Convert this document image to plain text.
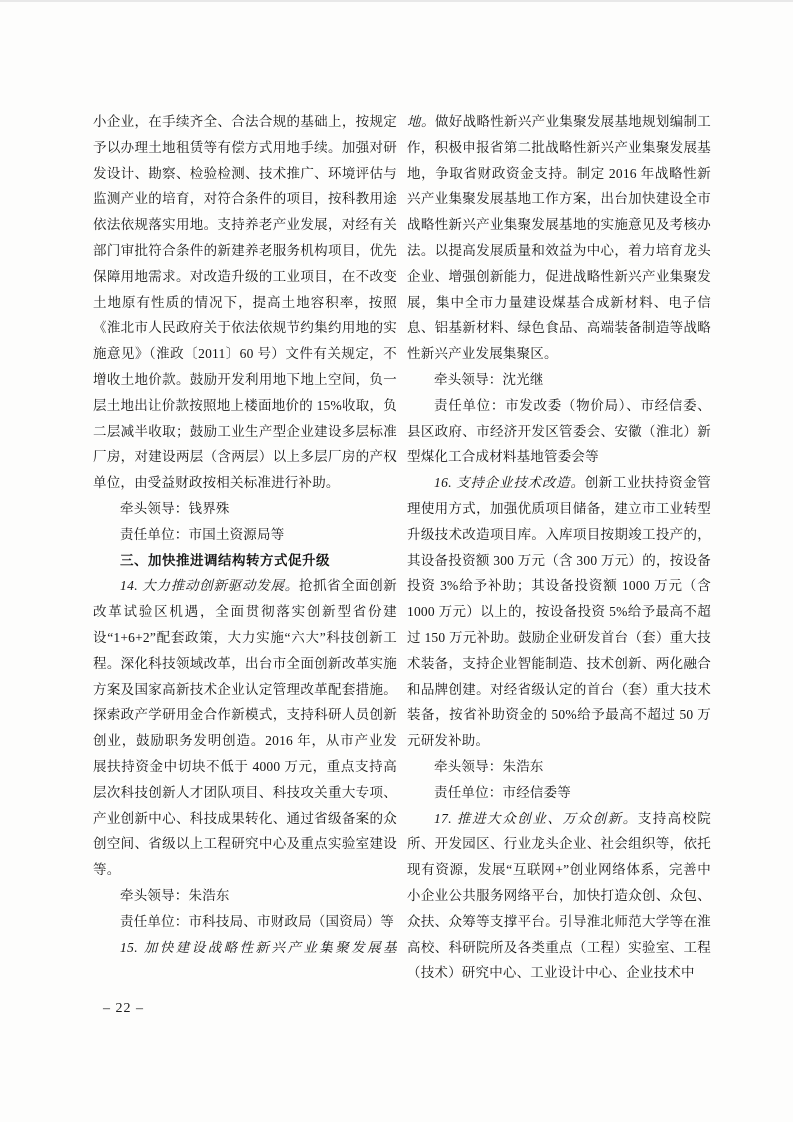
小企业，在手续齐全、合法合规的基础上，按规定予以办理土地租赁等有偿方式用地手续。加强对研发设计、勘察、检验检测、技术推广、环境评估与监测产业的培育，对符合条件的项目，按科教用途依法依规落实用地。支持养老产业发展，对经有关部门审批符合条件的新建养老服务机构项目，优先保障用地需求。对改造升级的工业项目，在不改变土地原有性质的情况下，提高土地容积率，按照《淮北市人民政府关于依法依规节约集约用地的实施意见》（淮政〔2011〕60 号）文件有关规定，不增收土地价款。鼓励开发利用地下地上空间，负一层土地出让价款按照地上楼面地价的 15%收取，负二层减半收取；鼓励工业生产型企业建设多层标准厂房，对建设两层（含两层）以上多层厂房的产权单位，由受益财政按相关标准进行补助。

牵头领导：钱界殊

责任单位：市国土资源局等

三、加快推进调结构转方式促升级

14. 大力推动创新驱动发展。抢抓省全面创新改革试验区机遇，全面贯彻落实创新型省份建设“1+6+2”配套政策，大力实施“六大”科技创新工程。深化科技领域改革，出台市全面创新改革实施方案及国家高新技术企业认定管理改革配套措施。探索政产学研用金合作新模式，支持科研人员创新创业，鼓励职务发明创造。2016 年，从市产业发展扶持资金中切块不低于 4000 万元，重点支持高层次科技创新人才团队项目、科技攻关重大专项、产业创新中心、科技成果转化、通过省级备案的众创空间、省级以上工程研究中心及重点实验室建设等。

牵头领导：朱浩东

责任单位：市科技局、市财政局（国资局）等

15. 加快建设战略性新兴产业集聚发展基

地。做好战略性新兴产业集聚发展基地规划编制工作，积极申报省第二批战略性新兴产业集聚发展基地，争取省财政资金支持。制定 2016 年战略性新兴产业集聚发展基地工作方案，出台加快建设全市战略性新兴产业集聚发展基地的实施意见及考核办法。以提高发展质量和效益为中心，着力培育龙头企业、增强创新能力，促进战略性新兴产业集聚发展，集中全市力量建设煤基合成新材料、电子信息、铝基新材料、绿色食品、高端装备制造等战略性新兴产业发展集聚区。

牵头领导：沈光继

责任单位：市发改委（物价局）、市经信委、县区政府、市经济开发区管委会、安徽（淮北）新型煤化工合成材料基地管委会等

16. 支持企业技术改造。创新工业扶持资金管理使用方式，加强优质项目储备，建立市工业转型升级技术改造项目库。入库项目按期竣工投产的，其设备投资额 300 万元（含 300 万元）的，按设备投资 3%给予补助；其设备投资额 1000 万元（含 1000 万元）以上的，按设备投资 5%给予最高不超过 150 万元补助。鼓励企业研发首台（套）重大技术装备，支持企业智能制造、技术创新、两化融合和品牌创建。对经省级认定的首台（套）重大技术装备，按省补助资金的 50%给予最高不超过 50 万元研发补助。

牵头领导：朱浩东

责任单位：市经信委等

17. 推进大众创业、万众创新。支持高校院所、开发园区、行业龙头企业、社会组织等，依托现有资源，发展“互联网+”创业网络体系，完善中小企业公共服务网络平台，加快打造众创、众包、众扶、众筹等支撑平台。引导淮北师范大学等在淮高校、科研院所及各类重点（工程）实验室、工程（技术）研究中心、工业设计中心、企业技术中

– 22 –
